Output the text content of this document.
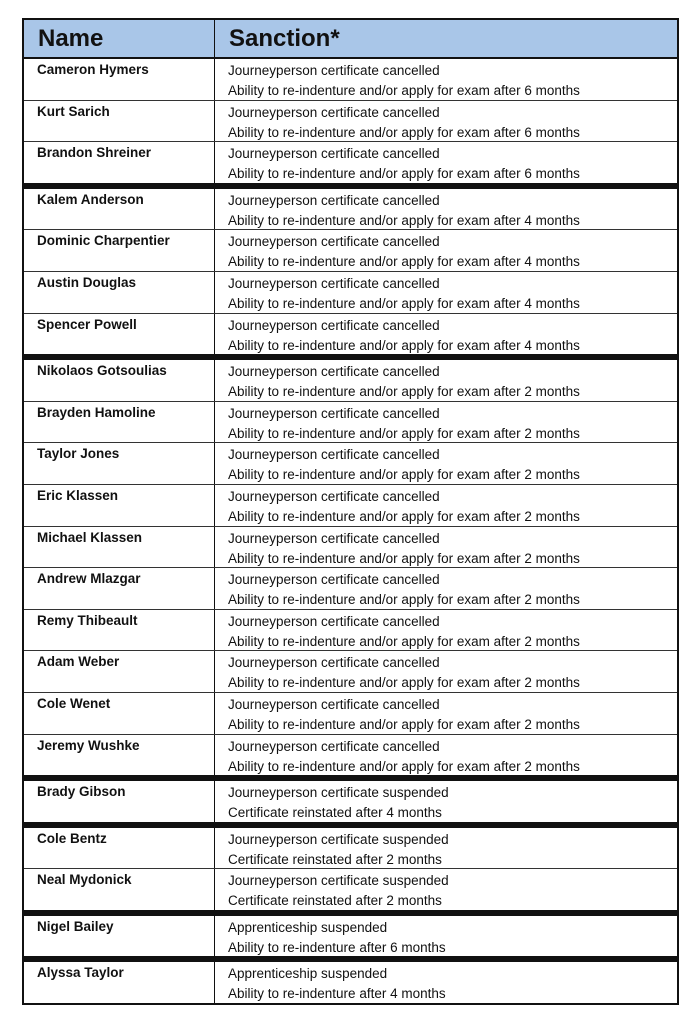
Name	Sanction*
Cameron Hymers	Journeyperson certificate cancelled
Ability to re-indenture and/or apply for exam after 6 months
Kurt Sarich	Journeyperson certificate cancelled
Ability to re-indenture and/or apply for exam after 6 months
Brandon Shreiner	Journeyperson certificate cancelled
Ability to re-indenture and/or apply for exam after 6 months
Kalem Anderson	Journeyperson certificate cancelled
Ability to re-indenture and/or apply for exam after 4 months
Dominic Charpentier	Journeyperson certificate cancelled
Ability to re-indenture and/or apply for exam after 4 months
Austin Douglas	Journeyperson certificate cancelled
Ability to re-indenture and/or apply for exam after 4 months
Spencer Powell	Journeyperson certificate cancelled
Ability to re-indenture and/or apply for exam after 4 months
Nikolaos Gotsoulias	Journeyperson certificate cancelled
Ability to re-indenture and/or apply for exam after 2 months
Brayden Hamoline	Journeyperson certificate cancelled
Ability to re-indenture and/or apply for exam after 2 months
Taylor Jones	Journeyperson certificate cancelled
Ability to re-indenture and/or apply for exam after 2 months
Eric Klassen	Journeyperson certificate cancelled
Ability to re-indenture and/or apply for exam after 2 months
Michael Klassen	Journeyperson certificate cancelled
Ability to re-indenture and/or apply for exam after 2 months
Andrew Mlazgar	Journeyperson certificate cancelled
Ability to re-indenture and/or apply for exam after 2 months
Remy Thibeault	Journeyperson certificate cancelled
Ability to re-indenture and/or apply for exam after 2 months
Adam Weber	Journeyperson certificate cancelled
Ability to re-indenture and/or apply for exam after 2 months
Cole Wenet	Journeyperson certificate cancelled
Ability to re-indenture and/or apply for exam after 2 months
Jeremy Wushke	Journeyperson certificate cancelled
Ability to re-indenture and/or apply for exam after 2 months
Brady Gibson	Journeyperson certificate suspended
Certificate reinstated after 4 months
Cole Bentz	Journeyperson certificate suspended
Certificate reinstated after 2 months
Neal Mydonick	Journeyperson certificate suspended
Certificate reinstated after 2 months
Nigel Bailey	Apprenticeship suspended
Ability to re-indenture after 6 months
Alyssa Taylor	Apprenticeship suspended
Ability to re-indenture after 4 months
